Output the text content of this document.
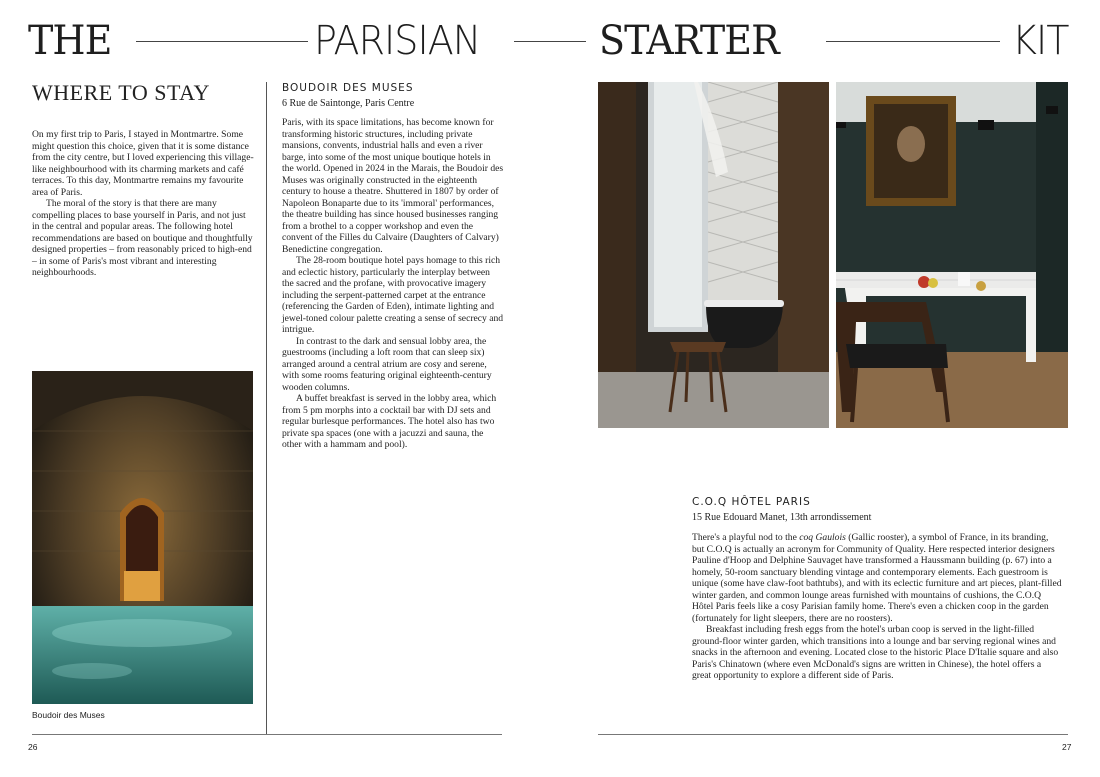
THE	PARISIAN	STARTER	KIT
WHERE TO STAY

On my first trip to Paris, I stayed in Montmartre. Some might question this choice, given that it is some distance from the city centre, but I loved experiencing this village-like neighbourhood with its charming markets and café terraces. To this day, Montmartre remains my favourite area of Paris.

The moral of the story is that there are many compelling places to base yourself in Paris, and not just in the central and popular areas. The following hotel recommendations are based on boutique and thoughtfully designed properties – from reasonably priced to high-end – in some of Paris's most vibrant and interesting neighbourhoods.

Boudoir des Muses
BOUDOIR DES MUSES
6 Rue de Saintonge, Paris Centre

Paris, with its space limitations, has become known for transforming historic structures, including private mansions, convents, industrial halls and even a river barge, into some of the most unique boutique hotels in the world. Opened in 2024 in the Marais, the Boudoir des Muses was originally constructed in the eighteenth century to house a theatre. Shuttered in 1807 by order of Napoleon Bonaparte due to its 'immoral' performances, the theatre building has since housed businesses ranging from a brothel to a copper workshop and even the convent of the Filles du Calvaire (Daughters of Calvary) Benedictine congregation.

The 28-room boutique hotel pays homage to this rich and eclectic history, particularly the interplay between the sacred and the profane, with provocative imagery including the serpent-patterned carpet at the entrance (referencing the Garden of Eden), intimate lighting and jewel-toned colour palette creating a sense of secrecy and intrigue.

In contrast to the dark and sensual lobby area, the guestrooms (including a loft room that can sleep six) arranged around a central atrium are cosy and serene, with some rooms featuring original eighteenth-century wooden columns.

A buffet breakfast is served in the lobby area, which from 5 pm morphs into a cocktail bar with DJ sets and regular burlesque performances. The hotel also has two private spa spaces (one with a jacuzzi and sauna, the other with a hammam and pool).

26
C.O.Q HÔTEL PARIS
15 Rue Edouard Manet, 13th arrondissement

There's a playful nod to the coq Gaulois (Gallic rooster), a symbol of France, in its branding, but C.O.Q is actually an acronym for Community of Quality. Here respected interior designers Pauline d'Hoop and Delphine Sauvaget have transformed a Haussmann building (p. 67) into a homely, 50-room sanctuary blending vintage and contemporary elements. Each guestroom is unique (some have claw-foot bathtubs), and with its eclectic furniture and art pieces, plant-filled winter garden, and common lounge areas furnished with mountains of cushions, the C.O.Q Hôtel Paris feels like a cosy Parisian family home. There's even a chicken coop in the garden (fortunately for light sleepers, there are no roosters).

Breakfast including fresh eggs from the hotel's urban coop is served in the light-filled ground-floor winter garden, which transitions into a lounge and bar serving regional wines and snacks in the afternoon and evening. Located close to the historic Place D'Italie square and also Paris's Chinatown (where even McDonald's signs are written in Chinese), the hotel offers a great opportunity to explore a different side of Paris.

27
